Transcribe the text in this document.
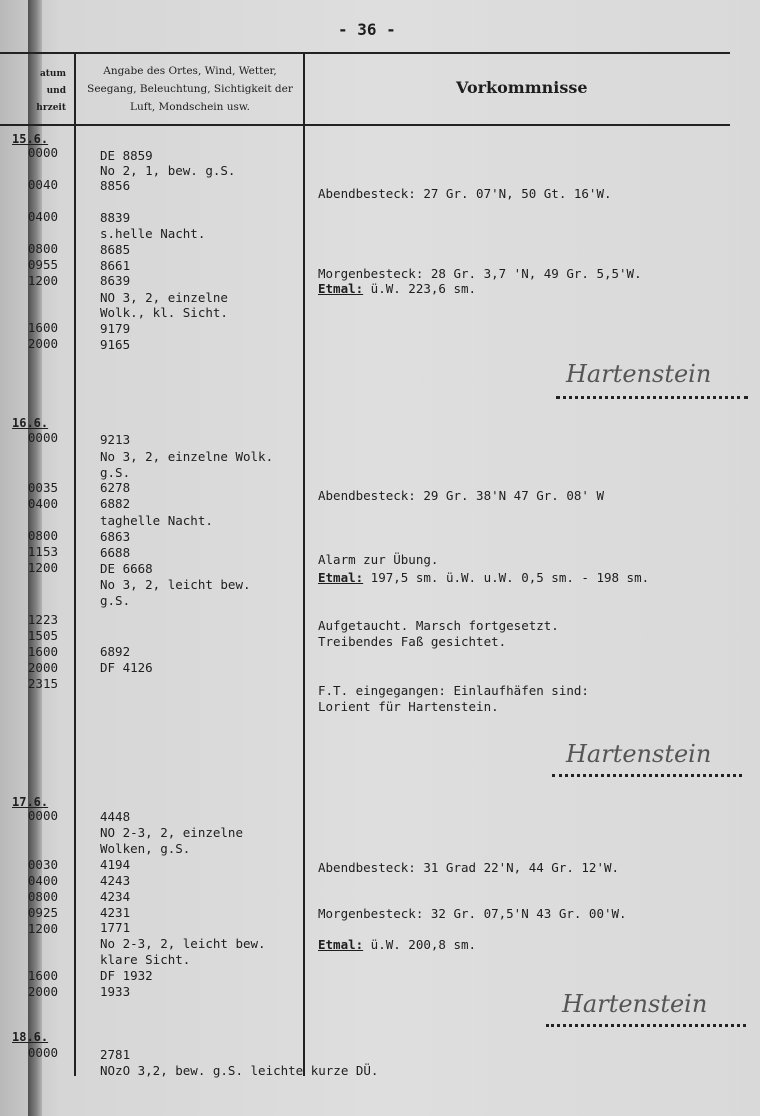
- 36 -
atum
und
hrzeit
Angabe des Ortes, Wind, Wetter, Seegang, Beleuchtung, Sichtigkeit der Luft, Mondschein usw.
Vorkommnisse
15.6.
16.6.
17.6.
18.6.
0000
0040
0400
0800
0955
1200
1600
2000
0000
0035
0400
0800
1153
1200
1223
1505
1600
2000
2315
0000
0030
0400
0800
0925
1200
1600
2000
0000
DE 8859
No 2, 1, bew. g.S.
8856
8839
s.helle Nacht.
8685
8661
8639
NO 3, 2, einzelne
Wolk., kl. Sicht.
9179
9165
9213
No 3, 2, einzelne Wolk.
g.S.
6278
6882
taghelle Nacht.
6863
6688
DE 6668
No 3, 2, leicht bew.
g.S.
6892
DF 4126
4448
NO 2-3, 2, einzelne
Wolken, g.S.
4194
4243
4234
4231
1771
No 2-3, 2, leicht bew.
klare Sicht.
DF 1932
1933
2781
NOzO 3,2, bew. g.S. leichte kurze DÜ.
Abendbesteck: 27 Gr. 07'N, 50 Gt. 16'W.
Morgenbesteck: 28 Gr. 3,7 'N, 49 Gr. 5,5'W.
Etmal: ü.W. 223,6 sm.
Hartenstein
Abendbesteck: 29 Gr. 38'N 47 Gr. 08' W
Alarm zur Übung.
Etmal: 197,5 sm. ü.W. u.W. 0,5 sm. - 198 sm.
Aufgetaucht. Marsch fortgesetzt.
Treibendes Faß gesichtet.
F.T. eingegangen: Einlaufhäfen sind:
Lorient für Hartenstein.
Hartenstein
Abendbesteck: 31 Grad 22'N, 44 Gr. 12'W.
Morgenbesteck: 32 Gr. 07,5'N 43 Gr. 00'W.
Etmal: ü.W. 200,8 sm.
Hartenstein
